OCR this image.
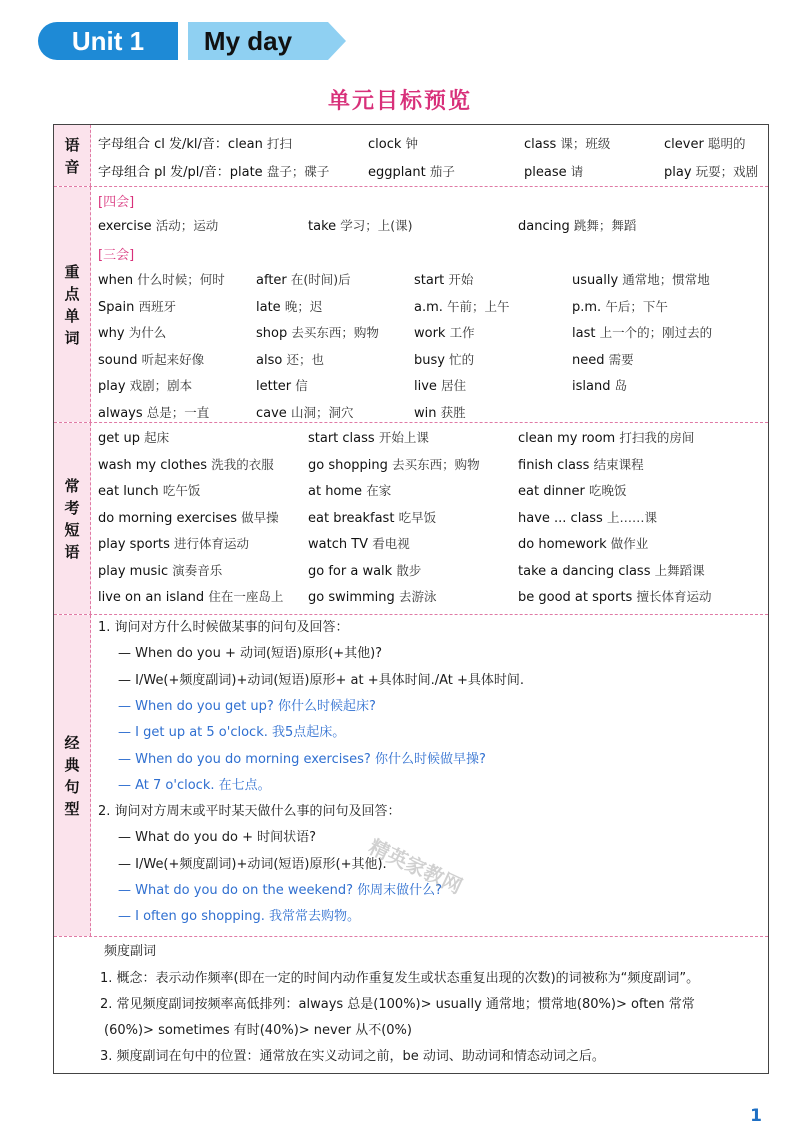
Unit 1	My day
单元目标预览
语
音
字母组合 cl 发/kl/音：clean 打扫	clock 钟	class 课；班级	clever 聪明的
字母组合 pl 发/pl/音：plate 盘子；碟子	eggplant 茄子	please 请	play 玩耍；戏剧
重
点
单
词
[四会]
exercise 活动；运动	take 学习；上(课)	dancing 跳舞；舞蹈
[三会]
when 什么时候；何时 after 在(时间)后	start 开始	usually 通常地；惯常地
Spain 西班牙	late 晚；迟	a.m. 午前；上午	p.m. 午后；下午
why 为什么	shop 去买东西；购物	work 工作	last 上一个的；刚过去的
sound 听起来好像	also 还；也	busy 忙的	need 需要
play 戏剧；剧本	letter 信	live 居住	island 岛
always 总是；一直	cave 山洞；洞穴	win 获胜
常
考
短
语
get up 起床	start class 开始上课	clean my room 打扫我的房间
wash my clothes 洗我的衣服	go shopping 去买东西；购物	finish class 结束课程
eat lunch 吃午饭	at home 在家	eat dinner 吃晚饭
do morning exercises 做早操 eat breakfast 吃早饭	have ... class 上……课
play sports 进行体育运动	watch TV 看电视	do homework 做作业
play music 演奏音乐	go for a walk 散步	take a dancing class 上舞蹈课
live on an island 住在一座岛上 go swimming 去游泳	be good at sports 擅长体育运动
经
典
句
型
1. 询问对方什么时候做某事的问句及回答：
— When do you + 动词(短语)原形(+其他)?
— I/We(+频度副词)+动词(短语)原形+ at +具体时间./At +具体时间.
— When do you get up? 你什么时候起床?
— I get up at 5 o'clock. 我5点起床。
— When do you do morning exercises? 你什么时候做早操?
— At 7 o'clock. 在七点。
2. 询问对方周末或平时某天做什么事的问句及回答：
— What do you do + 时间状语?
— I/We(+频度副词)+动词(短语)原形(+其他).
— What do you do on the weekend? 你周末做什么?
— I often go shopping. 我常常去购物。
频度副词
1. 概念：表示动作频率(即在一定的时间内动作重复发生或状态重复出现的次数)的词被称为“频度副词”。
2. 常见频度副词按频率高低排列：always 总是(100%)> usually 通常地；惯常地(80%)> often 常常
(60%)> sometimes 有时(40%)> never 从不(0%)
3. 频度副词在句中的位置：通常放在实义动词之前，be 动词、助动词和情态动词之后。
精英家教网
1
